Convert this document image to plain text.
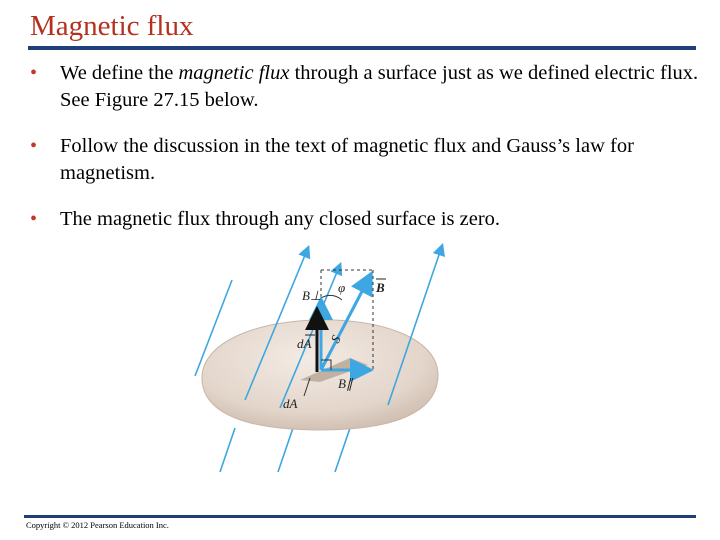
Magnetic flux
• We define the magnetic flux through a surface just as we defined electric flux. See Figure 27.15 below.
• Follow the discussion in the text of magnetic flux and Gauss’s law for magnetism.
• The magnetic flux through any closed surface is zero.
B⊥
φ B
dA S
B∥
dA
Copyright © 2012 Pearson Education Inc.
